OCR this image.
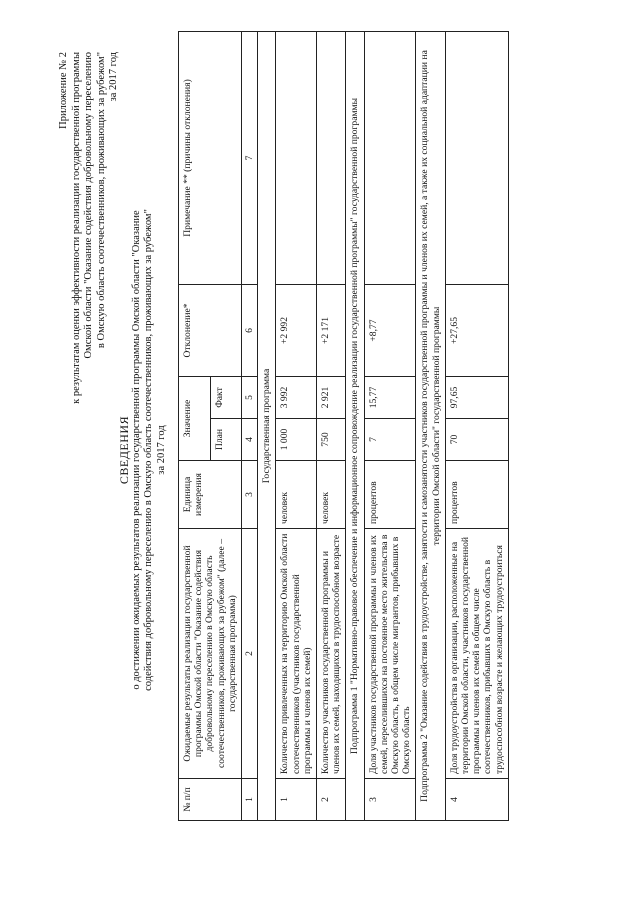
Приложение № 2 к результатам оценки эффективности реализации государственной программы Омской области "Оказание содействия добровольному переселению в Омскую область соотечественников, проживающих за рубежом" за 2017 год
СВЕДЕНИЯ о достижении ожидаемых результатов реализации государственной программы Омской области "Оказание содействия добровольному переселению в Омскую область соотечественников, проживающих за рубежом" за 2017 год
№ п/п	Ожидаемые результаты реализации государственной программы Омской области "Оказание содействия добровольному переселению в Омскую область соотечественников, проживающих за рубежом" (далее – государственная программа)	Единица измерения	Значение		Отклонение*	Примечание ** (причины отклонения)
			План	Факт		
1	2	3	4	5	6	7
Государственная программа						
1	Количество привлеченных на территорию Омской области соотечественников (участников государственной программы и членов их семей)	человек	1 000	3 992	+2 992	
2	Количество участников государственной программы и членов их семей, находящихся в трудоспособном возрасте	человек	750	2 921	+2 171	
Подпрограмма 1 "Нормативно-правовое обеспечение и информационное сопровождение реализации государственной программы" государственной программы						
3	Доля участников государственной программы и членов их семей, переселившихся на постоянное место жительства в Омскую область, в общем числе мигрантов, прибывших в Омскую область	процентов	7	15,77	+8,77	
Подпрограмма 2 "Оказание содействия в трудоустройстве, занятости и самозанятости участников государственной программы и членов их семей, а также их социальной адаптации на территории Омской области" государственной программы						
4	Доля трудоустройства в организации, расположенные на территории Омской области, участников государственной программы и членов их семей в общем числе соотечественников, прибывших в Омскую область в трудоспособном возрасте и желающих трудоустроиться	процентов	70	97,65	+27,65	
